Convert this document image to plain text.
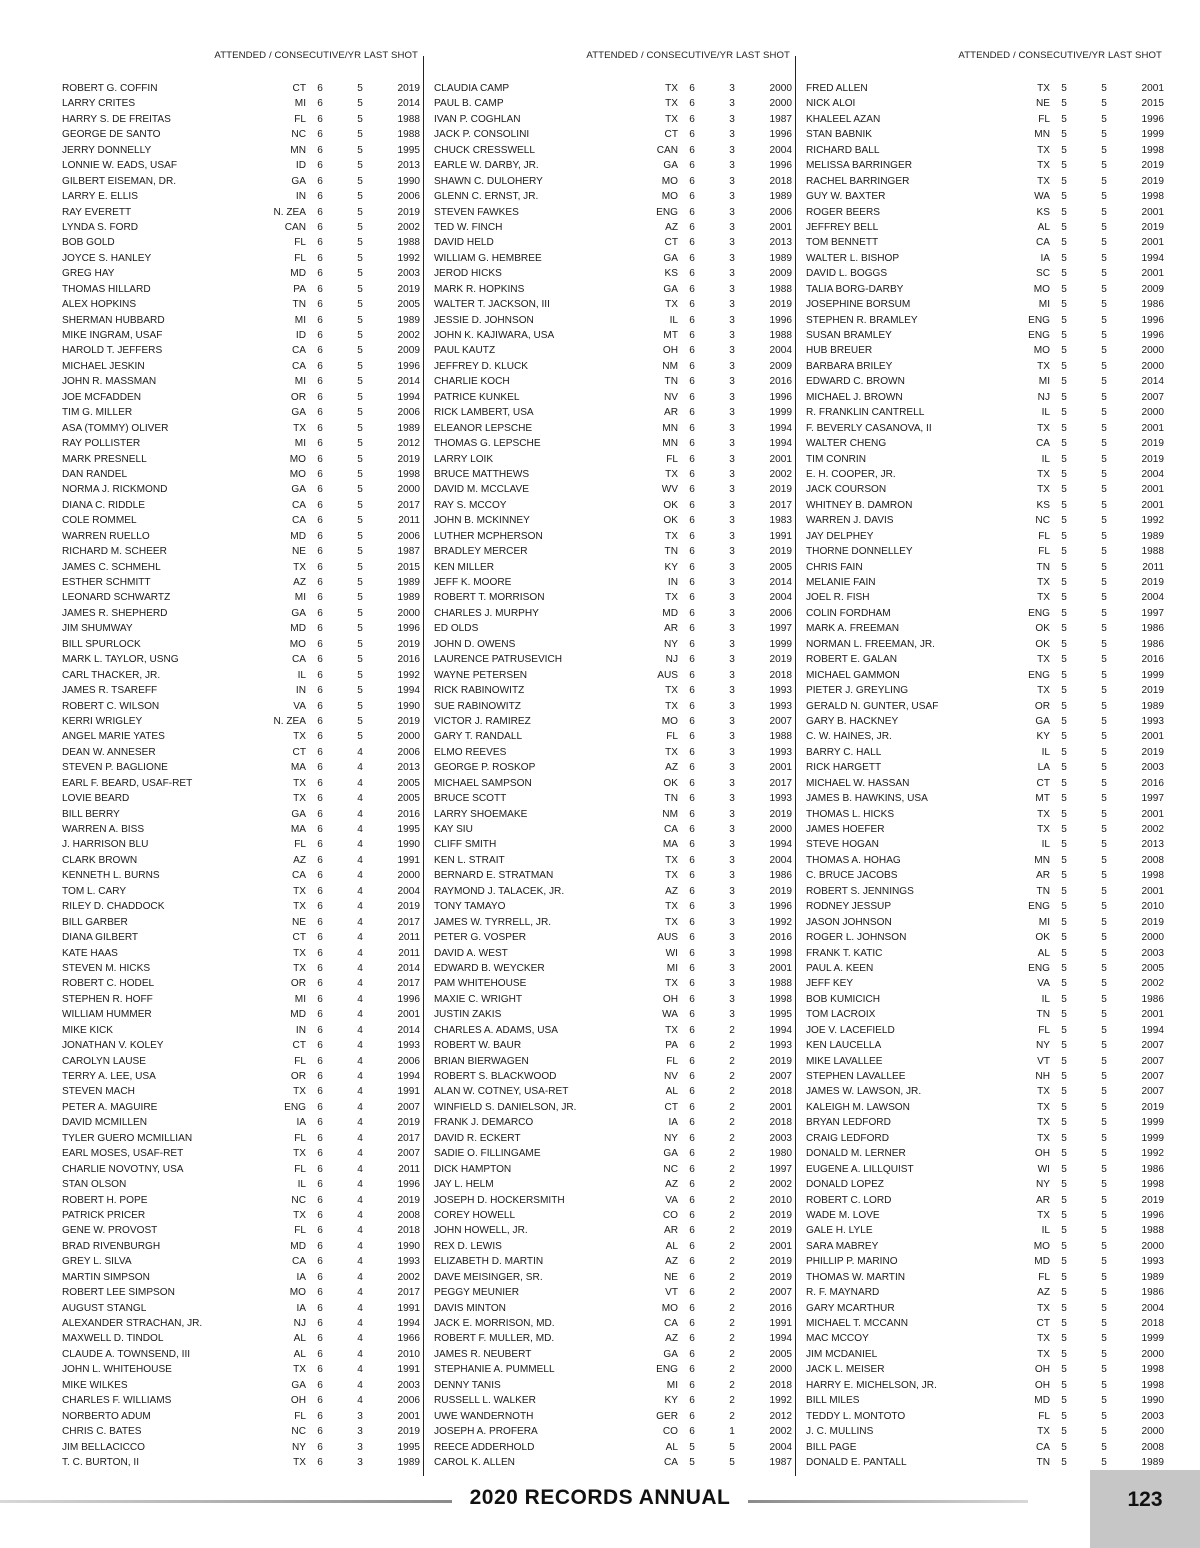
ATTENDED / CONSECUTIVE/YR LAST SHOT
ROBERT G. COFFIN	CT	6	5	2019
LARRY CRITES	MI	6	5	2014
HARRY S. DE FREITAS	FL	6	5	1988
GEORGE DE SANTO	NC	6	5	1988
JERRY DONNELLY	MN	6	5	1995
LONNIE W. EADS, USAF	ID	6	5	2013
GILBERT EISEMAN, DR.	GA	6	5	1990
LARRY E. ELLIS	IN	6	5	2006
RAY EVERETT	N. ZEA	6	5	2019
LYNDA S. FORD	CAN	6	5	2002
BOB GOLD	FL	6	5	1988
JOYCE S. HANLEY	FL	6	5	1992
GREG HAY	MD	6	5	2003
THOMAS HILLARD	PA	6	5	2019
ALEX HOPKINS	TN	6	5	2005
SHERMAN HUBBARD	MI	6	5	1989
MIKE INGRAM, USAF	ID	6	5	2002
HAROLD T. JEFFERS	CA	6	5	2009
MICHAEL JESKIN	CA	6	5	1996
JOHN R. MASSMAN	MI	6	5	2014
JOE MCFADDEN	OR	6	5	1994
TIM G. MILLER	GA	6	5	2006
ASA (TOMMY) OLIVER	TX	6	5	1989
RAY POLLISTER	MI	6	5	2012
MARK PRESNELL	MO	6	5	2019
DAN RANDEL	MO	6	5	1998
NORMA J. RICKMOND	GA	6	5	2000
DIANA C. RIDDLE	CA	6	5	2017
COLE ROMMEL	CA	6	5	2011
WARREN RUELLO	MD	6	5	2006
RICHARD M. SCHEER	NE	6	5	1987
JAMES C. SCHMEHL	TX	6	5	2015
ESTHER SCHMITT	AZ	6	5	1989
LEONARD SCHWARTZ	MI	6	5	1989
JAMES R. SHEPHERD	GA	6	5	2000
JIM SHUMWAY	MD	6	5	1996
BILL SPURLOCK	MO	6	5	2019
MARK L. TAYLOR, USNG	CA	6	5	2016
CARL THACKER, JR.	IL	6	5	1992
JAMES R. TSAREFF	IN	6	5	1994
ROBERT C. WILSON	VA	6	5	1990
KERRI WRIGLEY	N. ZEA	6	5	2019
ANGEL MARIE YATES	TX	6	5	2000
DEAN W. ANNESER	CT	6	4	2006
STEVEN P. BAGLIONE	MA	6	4	2013
EARL F. BEARD, USAF-RET	TX	6	4	2005
LOVIE BEARD	TX	6	4	2005
BILL BERRY	GA	6	4	2016
WARREN A. BISS	MA	6	4	1995
J. HARRISON BLU	FL	6	4	1990
CLARK BROWN	AZ	6	4	1991
KENNETH L. BURNS	CA	6	4	2000
TOM L. CARY	TX	6	4	2004
RILEY D. CHADDOCK	TX	6	4	2019
BILL GARBER	NE	6	4	2017
DIANA GILBERT	CT	6	4	2011
KATE HAAS	TX	6	4	2011
STEVEN M. HICKS	TX	6	4	2014
ROBERT C. HODEL	OR	6	4	2017
STEPHEN R. HOFF	MI	6	4	1996
WILLIAM HUMMER	MD	6	4	2001
MIKE KICK	IN	6	4	2014
JONATHAN V. KOLEY	CT	6	4	1993
CAROLYN LAUSE	FL	6	4	2006
TERRY A. LEE, USA	OR	6	4	1994
STEVEN MACH	TX	6	4	1991
PETER A. MAGUIRE	ENG	6	4	2007
DAVID MCMILLEN	IA	6	4	2019
TYLER GUERO MCMILLIAN	FL	6	4	2017
EARL MOSES, USAF-RET	TX	6	4	2007
CHARLIE NOVOTNY, USA	FL	6	4	2011
STAN OLSON	IL	6	4	1996
ROBERT H. POPE	NC	6	4	2019
PATRICK PRICER	TX	6	4	2008
GENE W. PROVOST	FL	6	4	2018
BRAD RIVENBURGH	MD	6	4	1990
GREY L. SILVA	CA	6	4	1993
MARTIN SIMPSON	IA	6	4	2002
ROBERT LEE SIMPSON	MO	6	4	2017
AUGUST STANGL	IA	6	4	1991
ALEXANDER STRACHAN, JR.	NJ	6	4	1994
MAXWELL D. TINDOL	AL	6	4	1966
CLAUDE A. TOWNSEND, III	AL	6	4	2010
JOHN L. WHITEHOUSE	TX	6	4	1991
MIKE WILKES	GA	6	4	2003
CHARLES F. WILLIAMS	OH	6	4	2006
NORBERTO ADUM	FL	6	3	2001
CHRIS C. BATES	NC	6	3	2019
JIM BELLACICCO	NY	6	3	1995
T. C. BURTON, II	TX	6	3	1989
ATTENDED / CONSECUTIVE/YR LAST SHOT
CLAUDIA CAMP	TX	6	3	2000
PAUL B. CAMP	TX	6	3	2000
IVAN P. COGHLAN	TX	6	3	1987
JACK P. CONSOLINI	CT	6	3	1996
CHUCK CRESSWELL	CAN	6	3	2004
EARLE W. DARBY, JR.	GA	6	3	1996
SHAWN C. DULOHERY	MO	6	3	2018
GLENN C. ERNST, JR.	MO	6	3	1989
STEVEN FAWKES	ENG	6	3	2006
TED W. FINCH	AZ	6	3	2001
DAVID HELD	CT	6	3	2013
WILLIAM G. HEMBREE	GA	6	3	1989
JEROD HICKS	KS	6	3	2009
MARK R. HOPKINS	GA	6	3	1988
WALTER T. JACKSON, III	TX	6	3	2019
JESSIE D. JOHNSON	IL	6	3	1996
JOHN K. KAJIWARA, USA	MT	6	3	1988
PAUL KAUTZ	OH	6	3	2004
JEFFREY D. KLUCK	NM	6	3	2009
CHARLIE KOCH	TN	6	3	2016
PATRICE KUNKEL	NV	6	3	1996
RICK LAMBERT, USA	AR	6	3	1999
ELEANOR LEPSCHE	MN	6	3	1994
THOMAS G. LEPSCHE	MN	6	3	1994
LARRY LOIK	FL	6	3	2001
BRUCE MATTHEWS	TX	6	3	2002
DAVID M. MCCLAVE	WV	6	3	2019
RAY S. MCCOY	OK	6	3	2017
JOHN B. MCKINNEY	OK	6	3	1983
LUTHER MCPHERSON	TX	6	3	1991
BRADLEY MERCER	TN	6	3	2019
KEN MILLER	KY	6	3	2005
JEFF K. MOORE	IN	6	3	2014
ROBERT T. MORRISON	TX	6	3	2004
CHARLES J. MURPHY	MD	6	3	2006
ED OLDS	AR	6	3	1997
JOHN D. OWENS	NY	6	3	1999
LAURENCE PATRUSEVICH	NJ	6	3	2019
WAYNE PETERSEN	AUS	6	3	2018
RICK RABINOWITZ	TX	6	3	1993
SUE RABINOWITZ	TX	6	3	1993
VICTOR J. RAMIREZ	MO	6	3	2007
GARY T. RANDALL	FL	6	3	1988
ELMO REEVES	TX	6	3	1993
GEORGE P. ROSKOP	AZ	6	3	2001
MICHAEL SAMPSON	OK	6	3	2017
BRUCE SCOTT	TN	6	3	1993
LARRY SHOEMAKE	NM	6	3	2019
KAY SIU	CA	6	3	2000
CLIFF SMITH	MA	6	3	1994
KEN L. STRAIT	TX	6	3	2004
BERNARD E. STRATMAN	TX	6	3	1986
RAYMOND J. TALACEK, JR.	AZ	6	3	2019
TONY TAMAYO	TX	6	3	1996
JAMES W. TYRRELL, JR.	TX	6	3	1992
PETER G. VOSPER	AUS	6	3	2016
DAVID A. WEST	WI	6	3	1998
EDWARD B. WEYCKER	MI	6	3	2001
PAM WHITEHOUSE	TX	6	3	1988
MAXIE C. WRIGHT	OH	6	3	1998
JUSTIN ZAKIS	WA	6	3	1995
CHARLES A. ADAMS, USA	TX	6	2	1994
ROBERT W. BAUR	PA	6	2	1993
BRIAN BIERWAGEN	FL	6	2	2019
ROBERT S. BLACKWOOD	NV	6	2	2007
ALAN W. COTNEY, USA-RET	AL	6	2	2018
WINFIELD S. DANIELSON, JR.	CT	6	2	2001
FRANK J. DEMARCO	IA	6	2	2018
DAVID R. ECKERT	NY	6	2	2003
SADIE O. FILLINGAME	GA	6	2	1980
DICK HAMPTON	NC	6	2	1997
JAY L. HELM	AZ	6	2	2002
JOSEPH D. HOCKERSMITH	VA	6	2	2010
COREY HOWELL	CO	6	2	2019
JOHN HOWELL, JR.	AR	6	2	2019
REX D. LEWIS	AL	6	2	2001
ELIZABETH D. MARTIN	AZ	6	2	2019
DAVE MEISINGER, SR.	NE	6	2	2019
PEGGY MEUNIER	VT	6	2	2007
DAVIS MINTON	MO	6	2	2016
JACK E. MORRISON, MD.	CA	6	2	1991
ROBERT F. MULLER, MD.	AZ	6	2	1994
JAMES R. NEUBERT	GA	6	2	2005
STEPHANIE A. PUMMELL	ENG	6	2	2000
DENNY TANIS	MI	6	2	2018
RUSSELL L. WALKER	KY	6	2	1992
UWE WANDERNOTH	GER	6	2	2012
JOSEPH A. PROFERA	CO	6	1	2002
REECE ADDERHOLD	AL	5	5	2004
CAROL K. ALLEN	CA	5	5	1987
ATTENDED / CONSECUTIVE/YR LAST SHOT
FRED ALLEN	TX	5	5	2001
NICK ALOI	NE	5	5	2015
KHALEEL AZAN	FL	5	5	1996
STAN BABNIK	MN	5	5	1999
RICHARD BALL	TX	5	5	1998
MELISSA BARRINGER	TX	5	5	2019
RACHEL BARRINGER	TX	5	5	2019
GUY W. BAXTER	WA	5	5	1998
ROGER BEERS	KS	5	5	2001
JEFFREY BELL	AL	5	5	2019
TOM BENNETT	CA	5	5	2001
WALTER L. BISHOP	IA	5	5	1994
DAVID L. BOGGS	SC	5	5	2001
TALIA BORG-DARBY	MO	5	5	2009
JOSEPHINE BORSUM	MI	5	5	1986
STEPHEN R. BRAMLEY	ENG	5	5	1996
SUSAN BRAMLEY	ENG	5	5	1996
HUB BREUER	MO	5	5	2000
BARBARA BRILEY	TX	5	5	2000
EDWARD C. BROWN	MI	5	5	2014
MICHAEL J. BROWN	NJ	5	5	2007
R. FRANKLIN CANTRELL	IL	5	5	2000
F. BEVERLY CASANOVA, II	TX	5	5	2001
WALTER CHENG	CA	5	5	2019
TIM CONRIN	IL	5	5	2019
E. H. COOPER, JR.	TX	5	5	2004
JACK COURSON	TX	5	5	2001
WHITNEY B. DAMRON	KS	5	5	2001
WARREN J. DAVIS	NC	5	5	1992
JAY DELPHEY	FL	5	5	1989
THORNE DONNELLEY	FL	5	5	1988
CHRIS FAIN	TN	5	5	2011
MELANIE FAIN	TX	5	5	2019
JOEL R. FISH	TX	5	5	2004
COLIN FORDHAM	ENG	5	5	1997
MARK A. FREEMAN	OK	5	5	1986
NORMAN L. FREEMAN, JR.	OK	5	5	1986
ROBERT E. GALAN	TX	5	5	2016
MICHAEL GAMMON	ENG	5	5	1999
PIETER J. GREYLING	TX	5	5	2019
GERALD N. GUNTER, USAF	OR	5	5	1989
GARY B. HACKNEY	GA	5	5	1993
C. W. HAINES, JR.	KY	5	5	2001
BARRY C. HALL	IL	5	5	2019
RICK HARGETT	LA	5	5	2003
MICHAEL W. HASSAN	CT	5	5	2016
JAMES B. HAWKINS, USA	MT	5	5	1997
THOMAS L. HICKS	TX	5	5	2001
JAMES HOEFER	TX	5	5	2002
STEVE HOGAN	IL	5	5	2013
THOMAS A. HOHAG	MN	5	5	2008
C. BRUCE JACOBS	AR	5	5	1998
ROBERT S. JENNINGS	TN	5	5	2001
RODNEY JESSUP	ENG	5	5	2010
JASON JOHNSON	MI	5	5	2019
ROGER L. JOHNSON	OK	5	5	2000
FRANK T. KATIC	AL	5	5	2003
PAUL A. KEEN	ENG	5	5	2005
JEFF KEY	VA	5	5	2002
BOB KUMICICH	IL	5	5	1986
TOM LACROIX	TN	5	5	2001
JOE V. LACEFIELD	FL	5	5	1994
KEN LAUCELLA	NY	5	5	2007
MIKE LAVALLEE	VT	5	5	2007
STEPHEN LAVALLEE	NH	5	5	2007
JAMES W. LAWSON, JR.	TX	5	5	2007
KALEIGH M. LAWSON	TX	5	5	2019
BRYAN LEDFORD	TX	5	5	1999
CRAIG LEDFORD	TX	5	5	1999
DONALD M. LERNER	OH	5	5	1992
EUGENE A. LILLQUIST	WI	5	5	1986
DONALD LOPEZ	NY	5	5	1998
ROBERT C. LORD	AR	5	5	2019
WADE M. LOVE	TX	5	5	1996
GALE H. LYLE	IL	5	5	1988
SARA MABREY	MO	5	5	2000
PHILLIP P. MARINO	MD	5	5	1993
THOMAS W. MARTIN	FL	5	5	1989
R. F. MAYNARD	AZ	5	5	1986
GARY MCARTHUR	TX	5	5	2004
MICHAEL T. MCCANN	CT	5	5	2018
MAC MCCOY	TX	5	5	1999
JIM MCDANIEL	TX	5	5	2000
JACK L. MEISER	OH	5	5	1998
HARRY E. MICHELSON, JR.	OH	5	5	1998
BILL MILES	MD	5	5	1990
TEDDY L. MONTOTO	FL	5	5	2003
J. C. MULLINS	TX	5	5	2000
BILL PAGE	CA	5	5	2008
DONALD E. PANTALL	TN	5	5	1989
2020 RECORDS ANNUAL	123
